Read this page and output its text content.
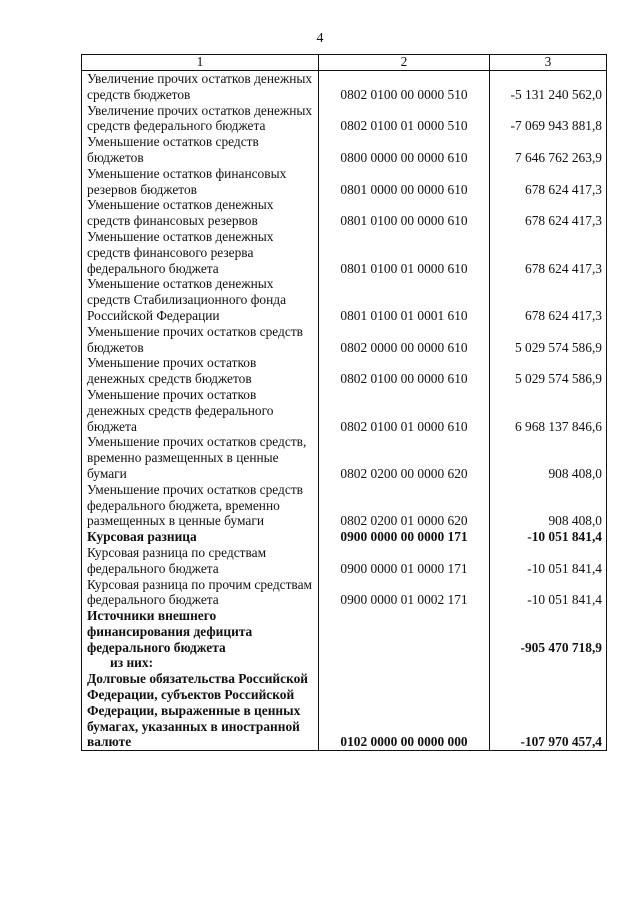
4
1	2	3
Увеличение прочих остатков денежных средств бюджетов	0802 0100 00 0000 510	-5 131 240 562,0
Увеличение прочих остатков денежных средств федерального бюджета	0802 0100 01 0000 510	-7 069 943 881,8
Уменьшение остатков средств бюджетов	0800 0000 00 0000 610	7 646 762 263,9
Уменьшение остатков финансовых резервов бюджетов	0801 0000 00 0000 610	678 624 417,3
Уменьшение остатков денежных средств финансовых резервов	0801 0100 00 0000 610	678 624 417,3
Уменьшение остатков денежных средств финансового резерва федерального бюджета	0801 0100 01 0000 610	678 624 417,3
Уменьшение остатков денежных средств Стабилизационного фонда Российской Федерации	0801 0100 01 0001 610	678 624 417,3
Уменьшение прочих остатков средств бюджетов	0802 0000 00 0000 610	5 029 574 586,9
Уменьшение прочих остатков денежных средств бюджетов	0802 0100 00 0000 610	5 029 574 586,9
Уменьшение прочих остатков денежных средств федерального бюджета	0802 0100 01 0000 610	6 968 137 846,6
Уменьшение прочих остатков средств, временно размещенных в ценные бумаги	0802 0200 00 0000 620	908 408,0
Уменьшение прочих остатков средств федерального бюджета, временно размещенных в ценные бумаги	0802 0200 01 0000 620	908 408,0
Курсовая разница	0900 0000 00 0000 171	-10 051 841,4
Курсовая разница по средствам федерального бюджета	0900 0000 01 0000 171	-10 051 841,4
Курсовая разница по прочим средствам федерального бюджета	0900 0000 01 0002 171	-10 051 841,4
Источники внешнего финансирования дефицита федерального бюджета		-905 470 718,9
из них:		
Долговые обязательства Российской Федерации, субъектов Российской Федерации, выраженные в ценных бумагах, указанных в иностранной валюте	0102 0000 00 0000 000	-107 970 457,4
